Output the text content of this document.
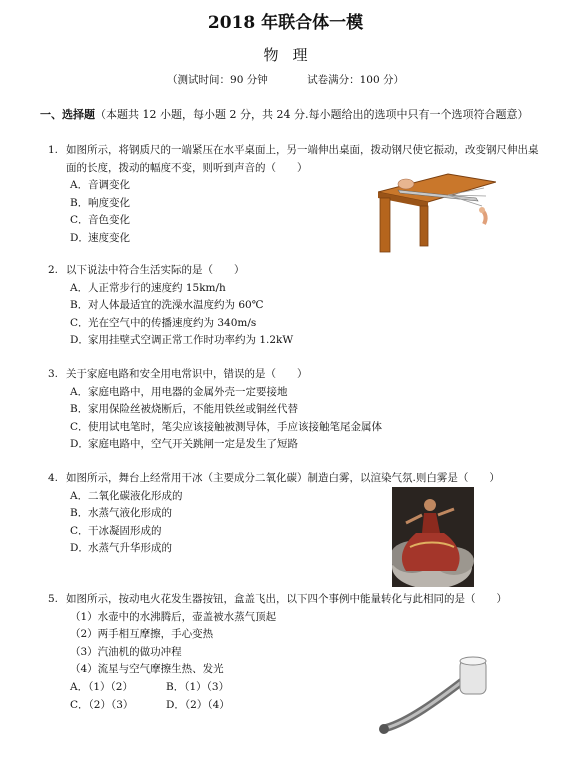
2018 年联合体一模
物理
（测试时间：90 分钟	试卷满分：100 分）
一、选择题（本题共 12 小题，每小题 2 分，共 24 分.每小题给出的选项中只有一个选项符合题意）
1. 如图所示，将钢质尺的一端紧压在水平桌面上，另一端伸出桌面，拨动钢尺使它振动，改变钢尺伸出桌面的长度，拨动的幅度不变，则听到声音的（　　）
A．音调变化
B．响度变化
C．音色变化
D．速度变化
2. 以下说法中符合生活实际的是（　　）
A．人正常步行的速度约 15km/h
B．对人体最适宜的洗澡水温度约为 60℃
C．光在空气中的传播速度约为 340m/s
D．家用挂壁式空调正常工作时功率约为 1.2kW
3. 关于家庭电路和安全用电常识中，错误的是（　　）
A．家庭电路中，用电器的金属外壳一定要接地
B．家用保险丝被烧断后，不能用铁丝或铜丝代替
C．使用试电笔时，笔尖应该接触被测导体，手应该接触笔尾金属体
D．家庭电路中，空气开关跳闸一定是发生了短路
4. 如图所示，舞台上经常用干冰（主要成分二氧化碳）制造白雾，以渲染气氛.则白雾是（　　）
A．二氧化碳液化形成的
B．水蒸气液化形成的
C．干冰凝固形成的
D．水蒸气升华形成的
5. 如图所示，按动电火花发生器按钮，盒盖飞出，以下四个事例中能量转化与此相同的是（　　）
（1）水壶中的水沸腾后，壶盖被水蒸气顶起
（2）两手相互摩擦，手心变热
（3）汽油机的做功冲程
（4）流星与空气摩擦生热、发光
A．（1）（2）	B．（1）（3）
C．（2）（3）	D．（2）（4）
